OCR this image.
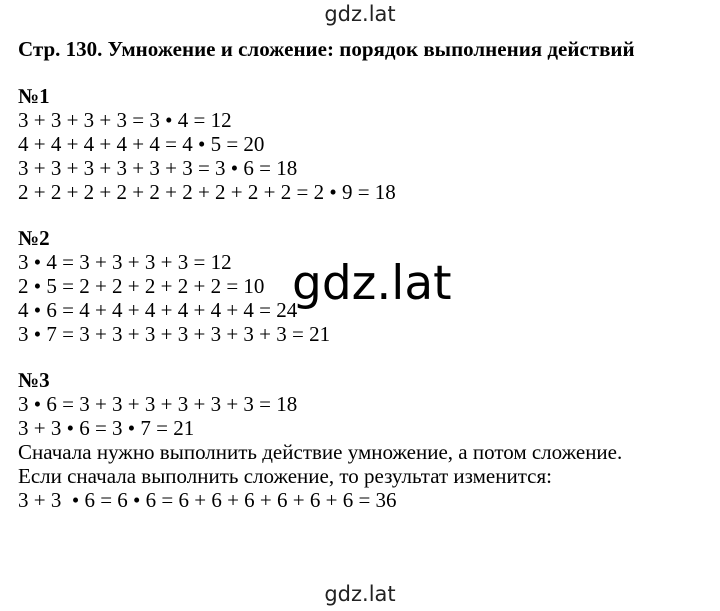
gdz.lat
Стр. 130. Умножение и сложение: порядок выполнения действий
№1
3 + 3 + 3 + 3 = 3 • 4 = 12
4 + 4 + 4 + 4 + 4 = 4 • 5 = 20
3 + 3 + 3 + 3 + 3 + 3 = 3 • 6 = 18
2 + 2 + 2 + 2 + 2 + 2 + 2 + 2 + 2 = 2 • 9 = 18
№2
3 • 4 = 3 + 3 + 3 + 3 = 12
2 • 5 = 2 + 2 + 2 + 2 + 2 = 10
4 • 6 = 4 + 4 + 4 + 4 + 4 + 4 = 24
3 • 7 = 3 + 3 + 3 + 3 + 3 + 3 + 3 = 21
№3
3 • 6 = 3 + 3 + 3 + 3 + 3 + 3 = 18
3 + 3 • 6 = 3 • 7 = 21
Сначала нужно выполнить действие умножение, а потом сложение.
Если сначала выполнить сложение, то результат изменится:
3 + 3  • 6 = 6 • 6 = 6 + 6 + 6 + 6 + 6 + 6 = 36
gdz.lat
gdz.lat
